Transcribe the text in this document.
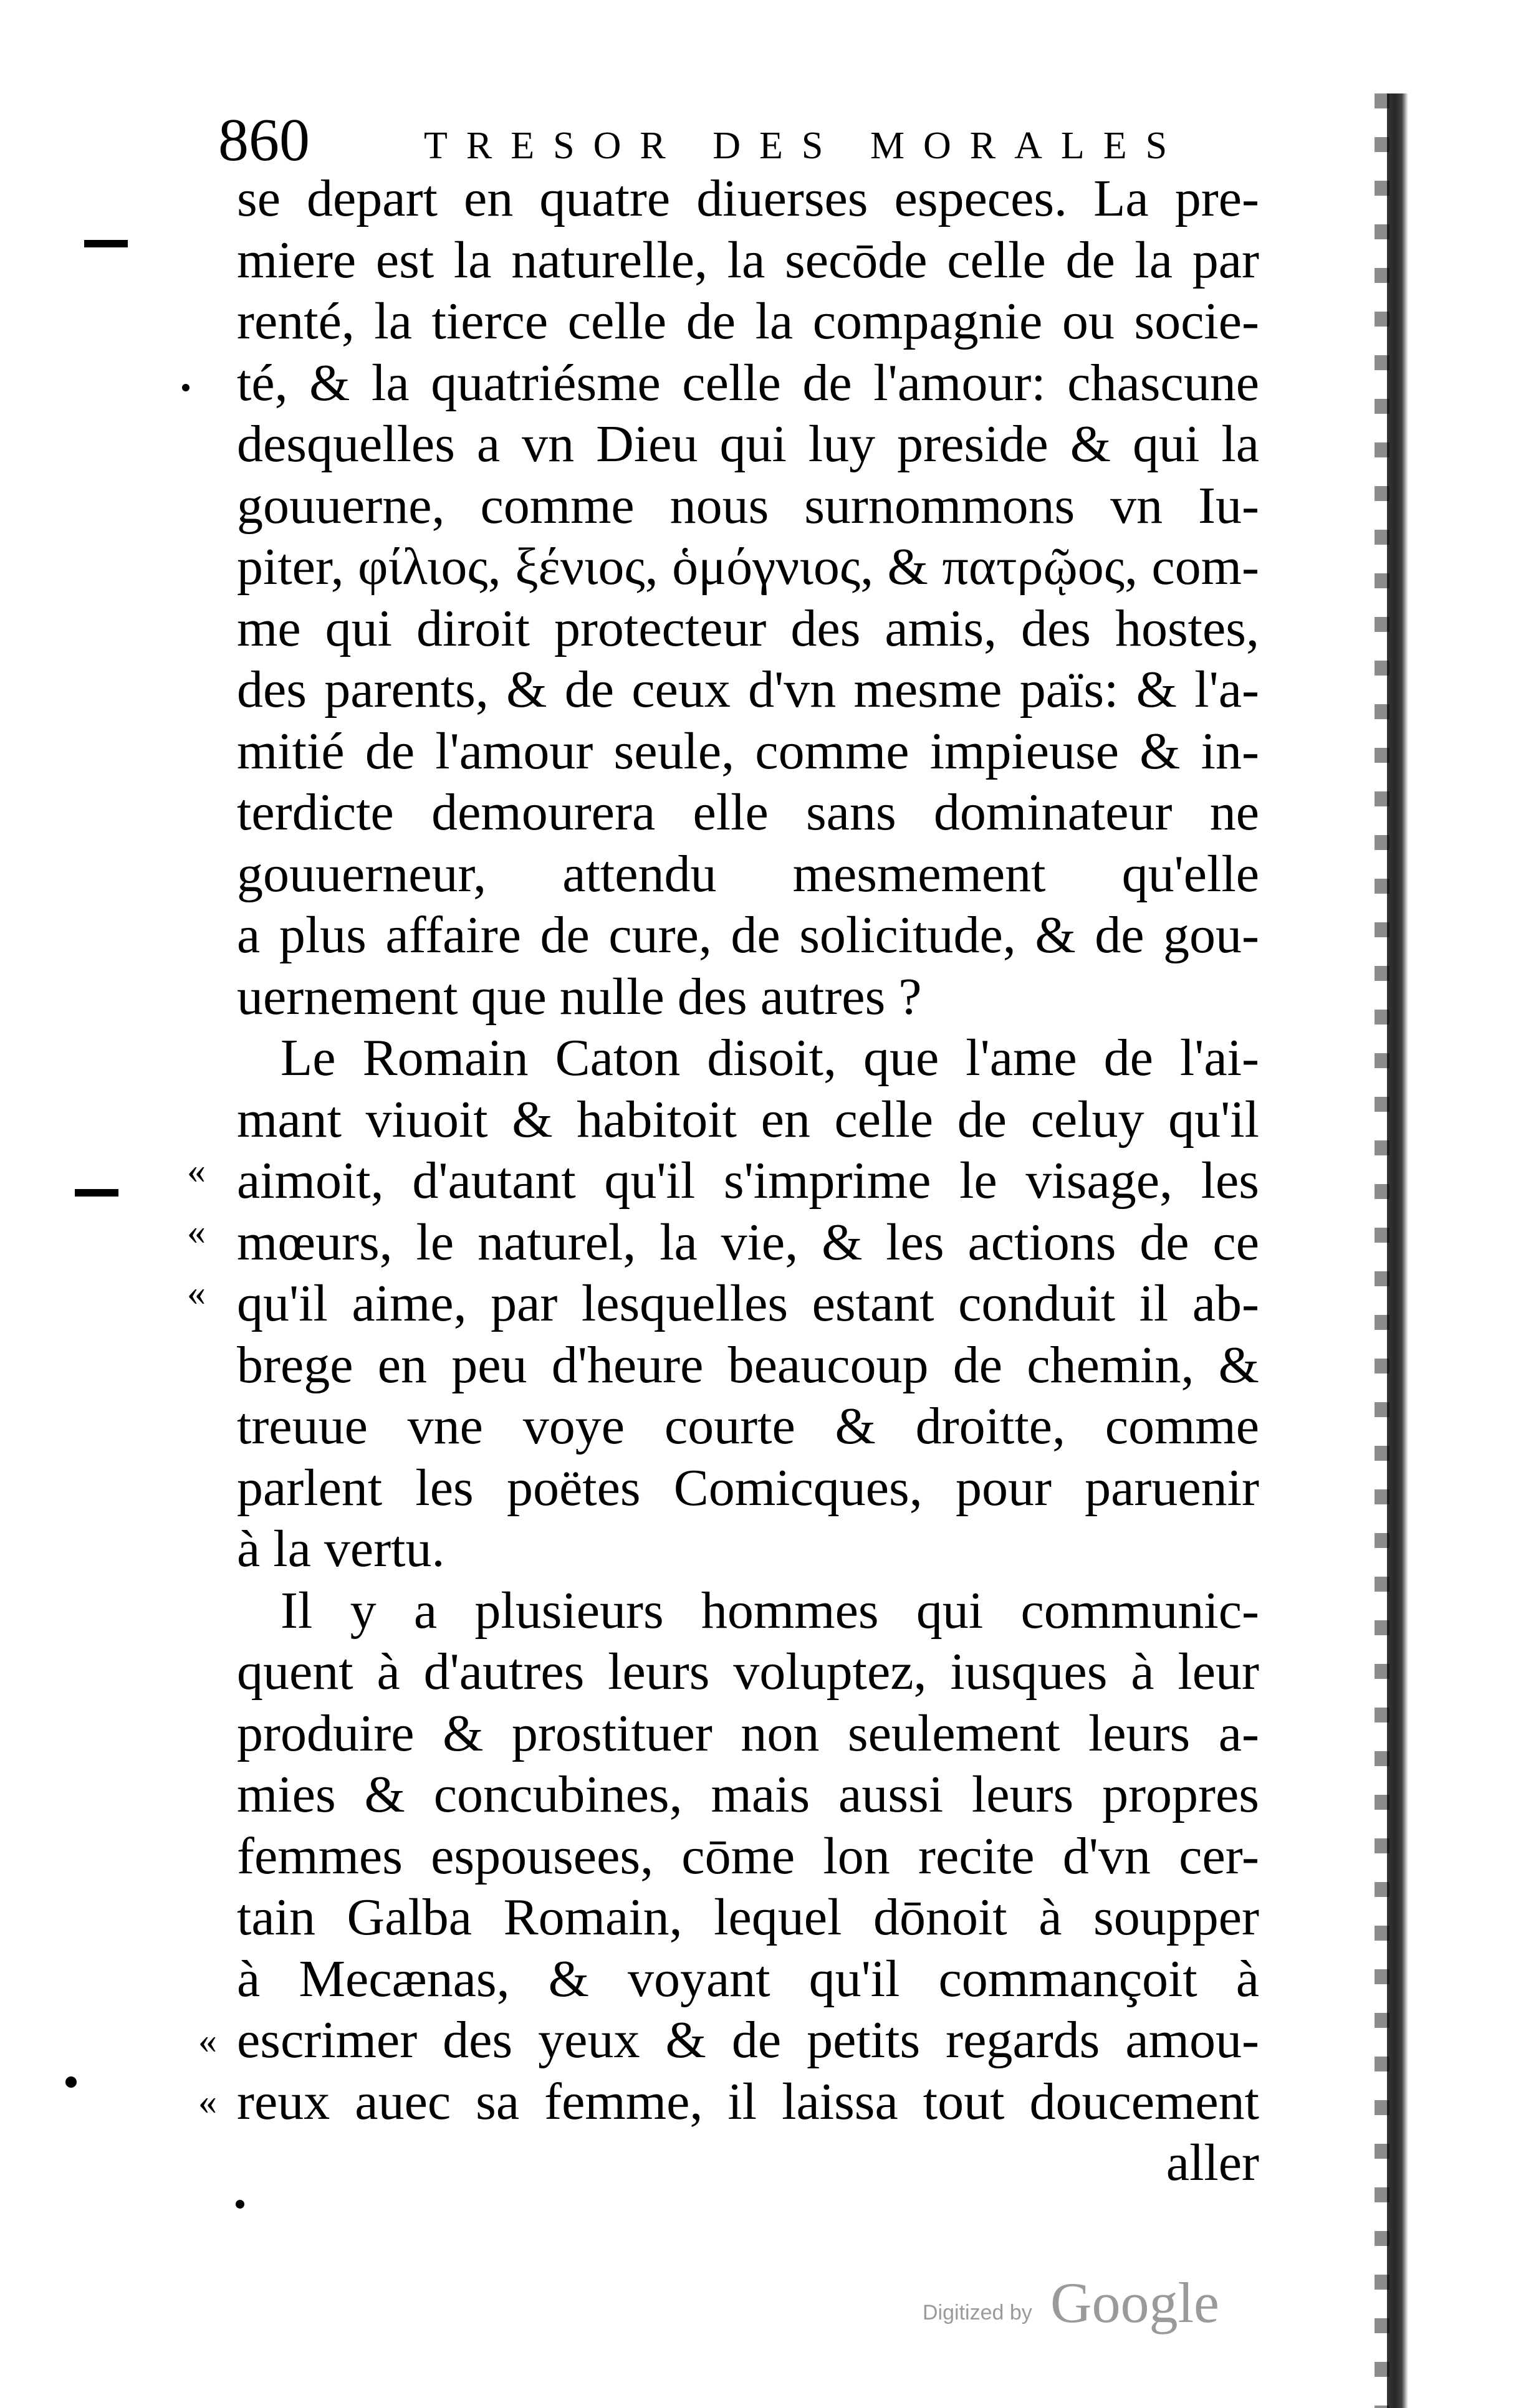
860	TRESOR DES MORALES
«
«
«
«
«
se depart en quatre diuerses especes. La pre-
miere est la naturelle, la secōde celle de la par
renté, la tierce celle de la compagnie ou socie-
té, & la quatriésme celle de l'amour: chascune
desquelles a vn Dieu qui luy preside & qui la
gouuerne, comme nous surnommons vn Iu-
piter, φίλιος, ξένιος, ὁμόγνιος, & πατρῷος, com-
me qui diroit protecteur des amis, des hostes,
des parents, & de ceux d'vn mesme païs: & l'a-
mitié de l'amour seule, comme impieuse & in-
terdicte demourera elle sans dominateur ne
gouuerneur, attendu mesmement qu'elle
a plus affaire de cure, de solicitude, & de gou-
uernement que nulle des autres ?
Le Romain Caton disoit, que l'ame de l'ai-
mant viuoit & habitoit en celle de celuy qu'il
aimoit, d'autant qu'il s'imprime le visage, les
mœurs, le naturel, la vie, & les actions de ce
qu'il aime, par lesquelles estant conduit il ab-
brege en peu d'heure beaucoup de chemin, &
treuue vne voye courte & droitte, comme
parlent les poëtes Comicques, pour paruenir
à la vertu.
Il y a plusieurs hommes qui communic-
quent à d'autres leurs voluptez, iusques à leur
produire & prostituer non seulement leurs a-
mies & concubines, mais aussi leurs propres
femmes espousees, cōme lon recite d'vn cer-
tain Galba Romain, lequel dōnoit à soupper
à Mecænas, & voyant qu'il commançoit à
escrimer des yeux & de petits regards amou-
reux auec sa femme, il laissa tout doucement
aller
Digitized by Google
